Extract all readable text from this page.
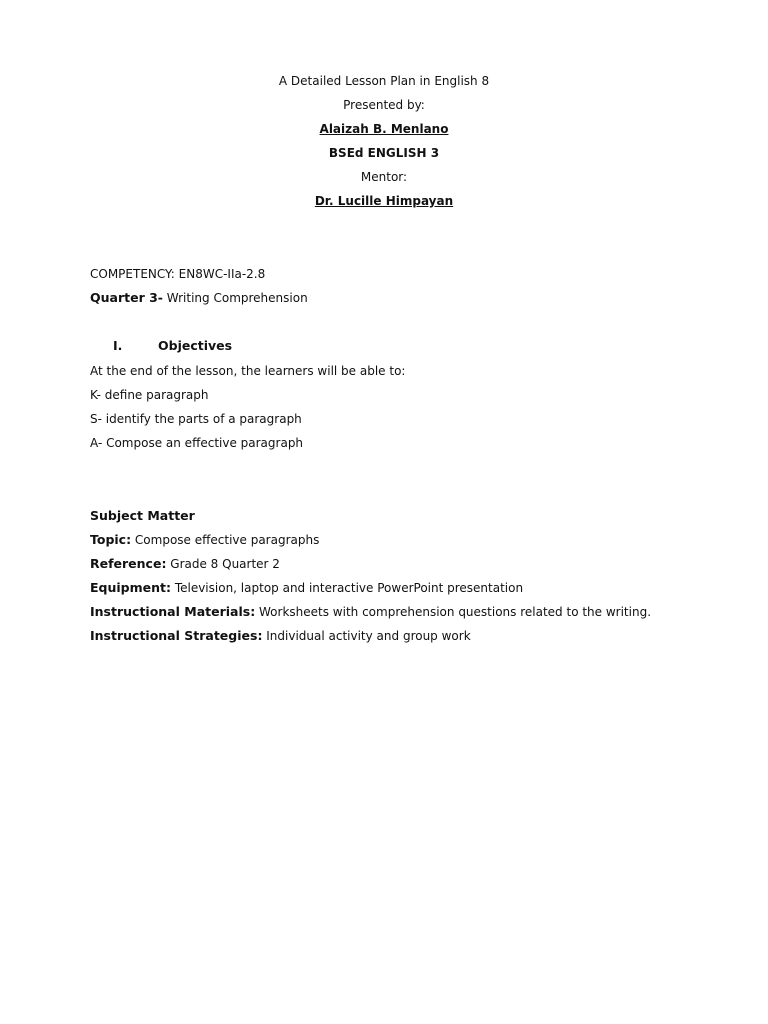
A Detailed Lesson Plan in English 8
Presented by:
Alaizah B. Menlano
BSEd ENGLISH 3
Mentor:
Dr. Lucille Himpayan
COMPETENCY: EN8WC-IIa-2.8
Quarter 3- Writing Comprehension
I.	Objectives
At the end of the lesson, the learners will be able to:
K- define paragraph
S- identify the parts of a paragraph
A- Compose an effective paragraph
Subject Matter
Topic: Compose effective paragraphs
Reference: Grade 8 Quarter 2
Equipment: Television, laptop and interactive PowerPoint presentation
Instructional Materials: Worksheets with comprehension questions related to the writing.
Instructional Strategies: Individual activity and group work
